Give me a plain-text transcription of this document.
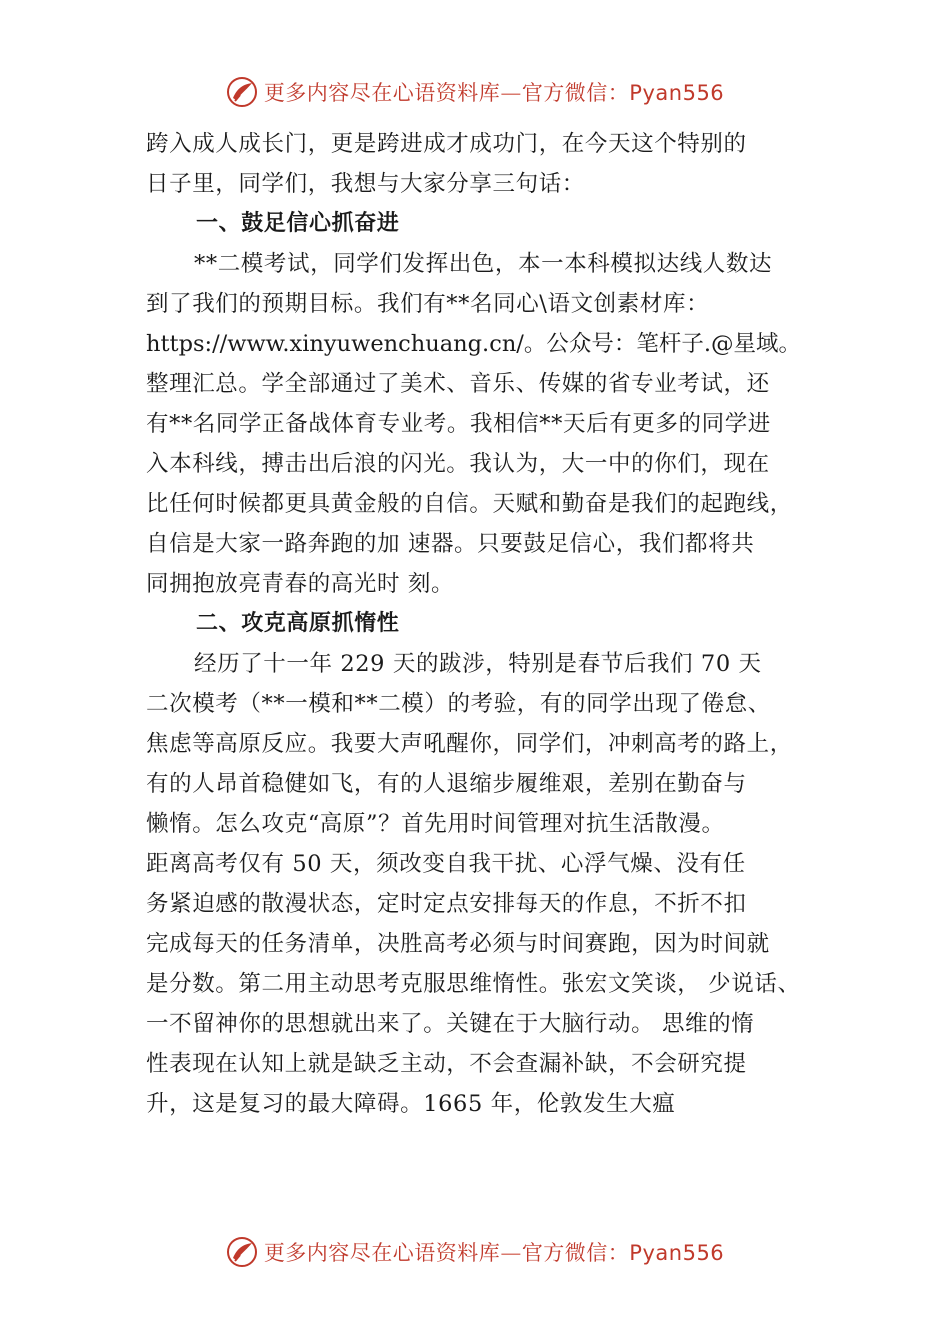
更多内容尽在心语资料库—官方微信：Pyan556
跨入成人成长门，更是跨进成才成功门，在今天这个特别的
日子里，同学们，我想与大家分享三句话：
一、鼓足信心抓奋进
**二模考试，同学们发挥出色，本一本科模拟达线人数达
到了我们的预期目标。我们有**名同心\语文创素材库：
https://www.xinyuwenchuang.cn/。公众号：笔杆子.@星域。
整理汇总。学全部通过了美术、音乐、传媒的省专业考试，还
有**名同学正备战体育专业考。我相信**天后有更多的同学进
入本科线，搏击出后浪的闪光。我认为，大一中的你们，现在
比任何时候都更具黄金般的自信。天赋和勤奋是我们的起跑线，
自信是大家一路奔跑的加 速器。只要鼓足信心，我们都将共
同拥抱放亮青春的高光时 刻。
二、攻克高原抓惰性
经历了十一年 229 天的跋涉，特别是春节后我们 70 天
二次模考（**一模和**二模）的考验，有的同学出现了倦怠、
焦虑等高原反应。我要大声吼醒你，同学们，冲刺高考的路上，
有的人昂首稳健如飞，有的人退缩步履维艰，差别在勤奋与
懒惰。怎么攻克“高原”？首先用时间管理对抗生活散漫。
距离高考仅有 50 天，须改变自我干扰、心浮气燥、没有任
务紧迫感的散漫状态，定时定点安排每天的作息，不折不扣
完成每天的任务清单，决胜高考必须与时间赛跑，因为时间就
是分数。第二用主动思考克服思维惰性。张宏文笑谈， 少说话、
一不留神你的思想就出来了。关键在于大脑行动。 思维的惰
性表现在认知上就是缺乏主动，不会查漏补缺，不会研究提
升，这是复习的最大障碍。1665 年，伦敦发生大瘟
更多内容尽在心语资料库—官方微信：Pyan556
